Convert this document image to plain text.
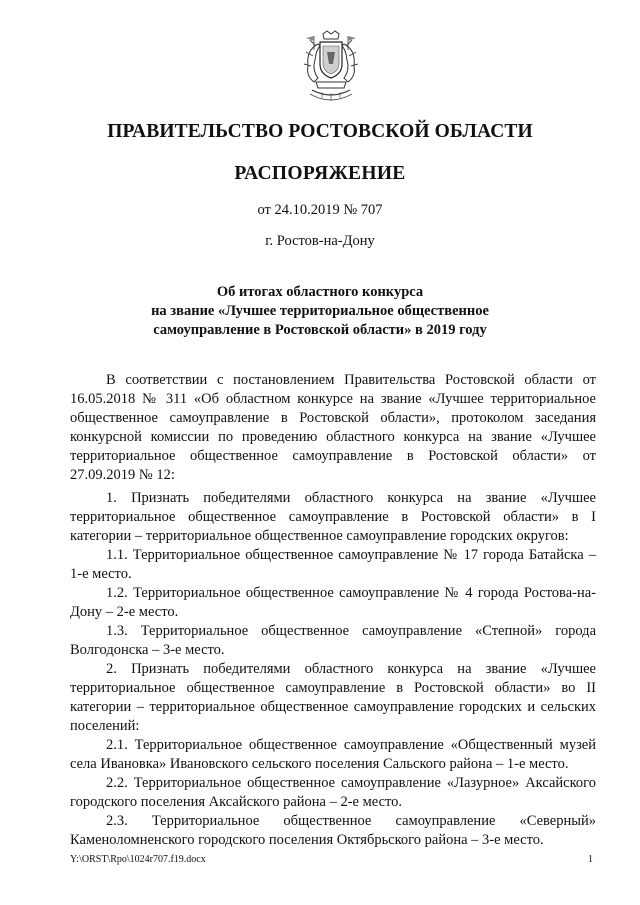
ПРАВИТЕЛЬСТВО РОСТОВСКОЙ ОБЛАСТИ
РАСПОРЯЖЕНИЕ
от 24.10.2019 № 707
г. Ростов-на-Дону
Об итогах областного конкурса
на звание «Лучшее территориальное общественное
самоуправление в Ростовской области» в 2019 году

В соответствии с постановлением Правительства Ростовской области от 16.05.2018 № 311 «Об областном конкурсе на звание «Лучшее территориальное общественное самоуправление в Ростовской области», протоколом заседания конкурсной комиссии по проведению областного конкурса на звание «Лучшее территориальное общественное самоуправление в Ростовской области» от 27.09.2019 № 12:

1. Признать победителями областного конкурса на звание «Лучшее территориальное общественное самоуправление в Ростовской области» в I категории – территориальное общественное самоуправление городских округов:

1.1. Территориальное общественное самоуправление № 17 города Батайска – 1-е место.

1.2. Территориальное общественное самоуправление № 4 города Ростова-на-Дону – 2-е место.

1.3. Территориальное общественное самоуправление «Степной» города Волгодонска – 3-е место.

2. Признать победителями областного конкурса на звание «Лучшее территориальное общественное самоуправление в Ростовской области» во II категории – территориальное общественное самоуправление городских и сельских поселений:

2.1. Территориальное общественное самоуправление «Общественный музей села Ивановка» Ивановского сельского поселения Сальского района – 1-е место.

2.2. Территориальное общественное самоуправление «Лазурное» Аксайского городского поселения Аксайского района – 2-е место.

2.3. Территориальное общественное самоуправление «Северный» Каменоломненского городского поселения Октябрьского района – 3-е место.

Y:\ORST\Rpo\1024r707.f19.docx	1
